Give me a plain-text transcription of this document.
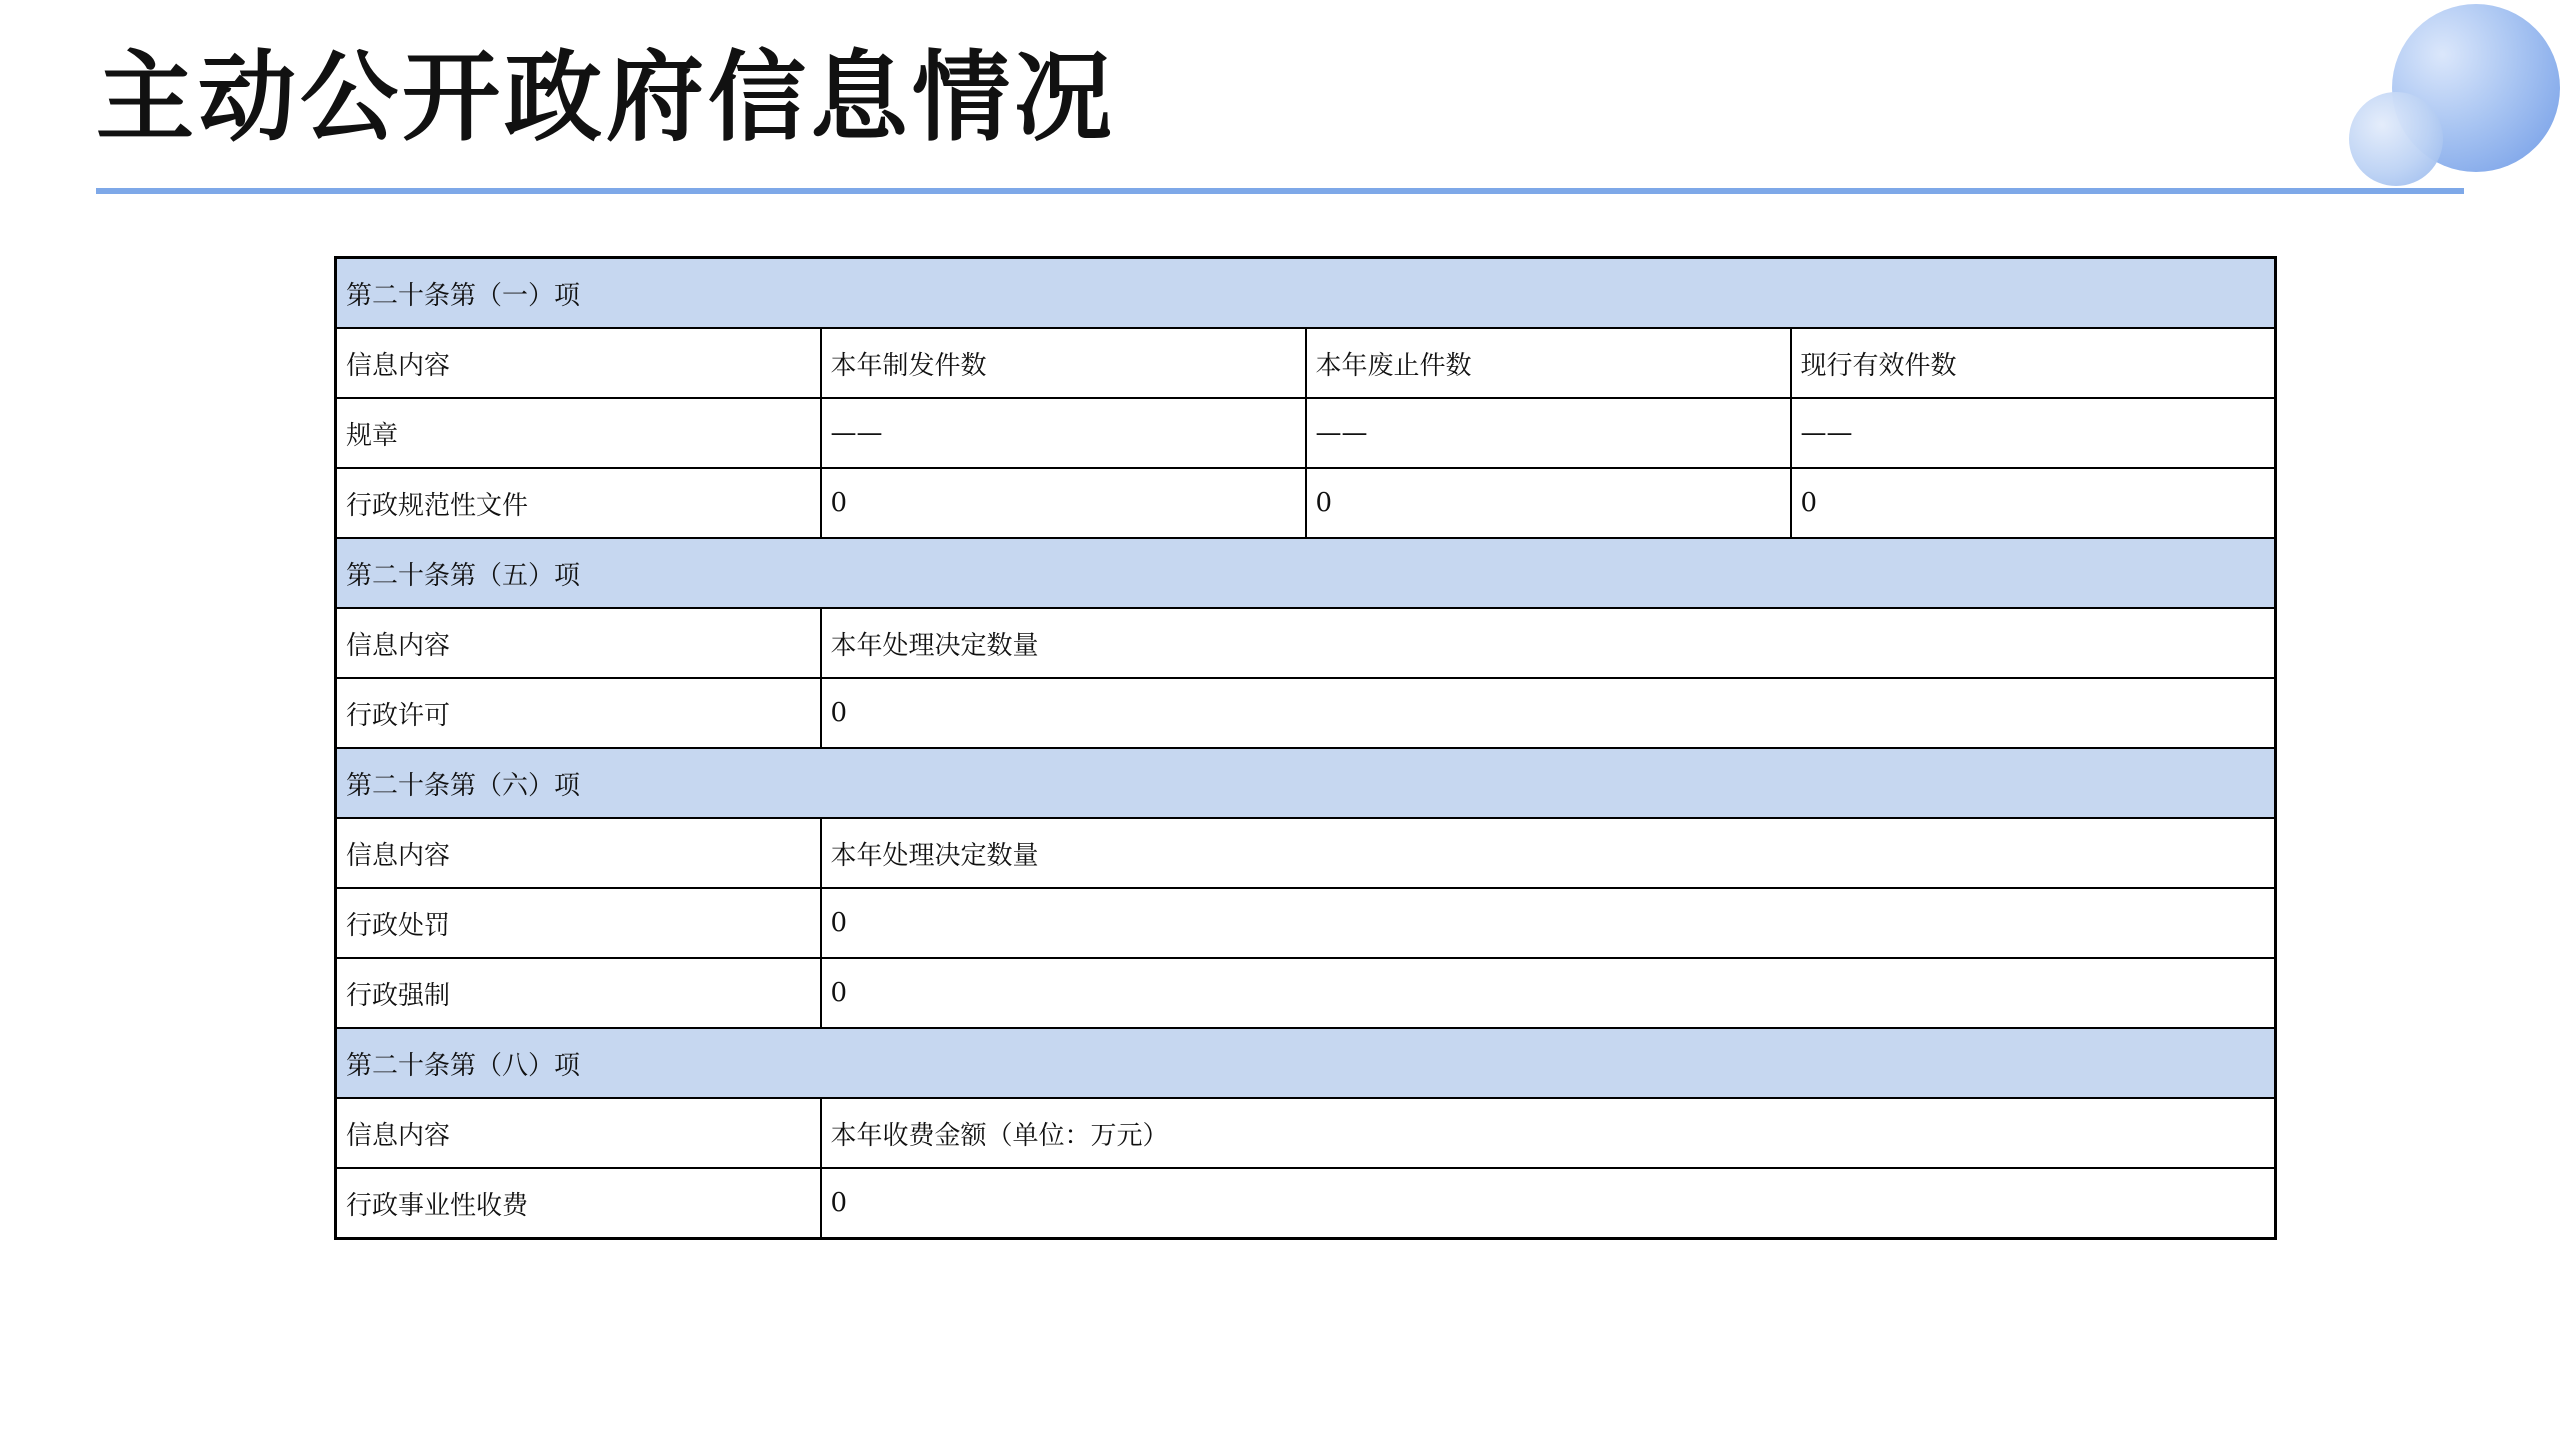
主动公开政府信息情况
第二十条第（一）项			
信息内容	本年制发件数	本年废止件数	现行有效件数
规章	——	——	——
行政规范性文件	0	0	0
第二十条第（五）项			
信息内容	本年处理决定数量		
行政许可	0		
第二十条第（六）项			
信息内容	本年处理决定数量		
行政处罚	0		
行政强制	0		
第二十条第（八）项			
信息内容	本年收费金额（单位：万元）		
行政事业性收费	0		
